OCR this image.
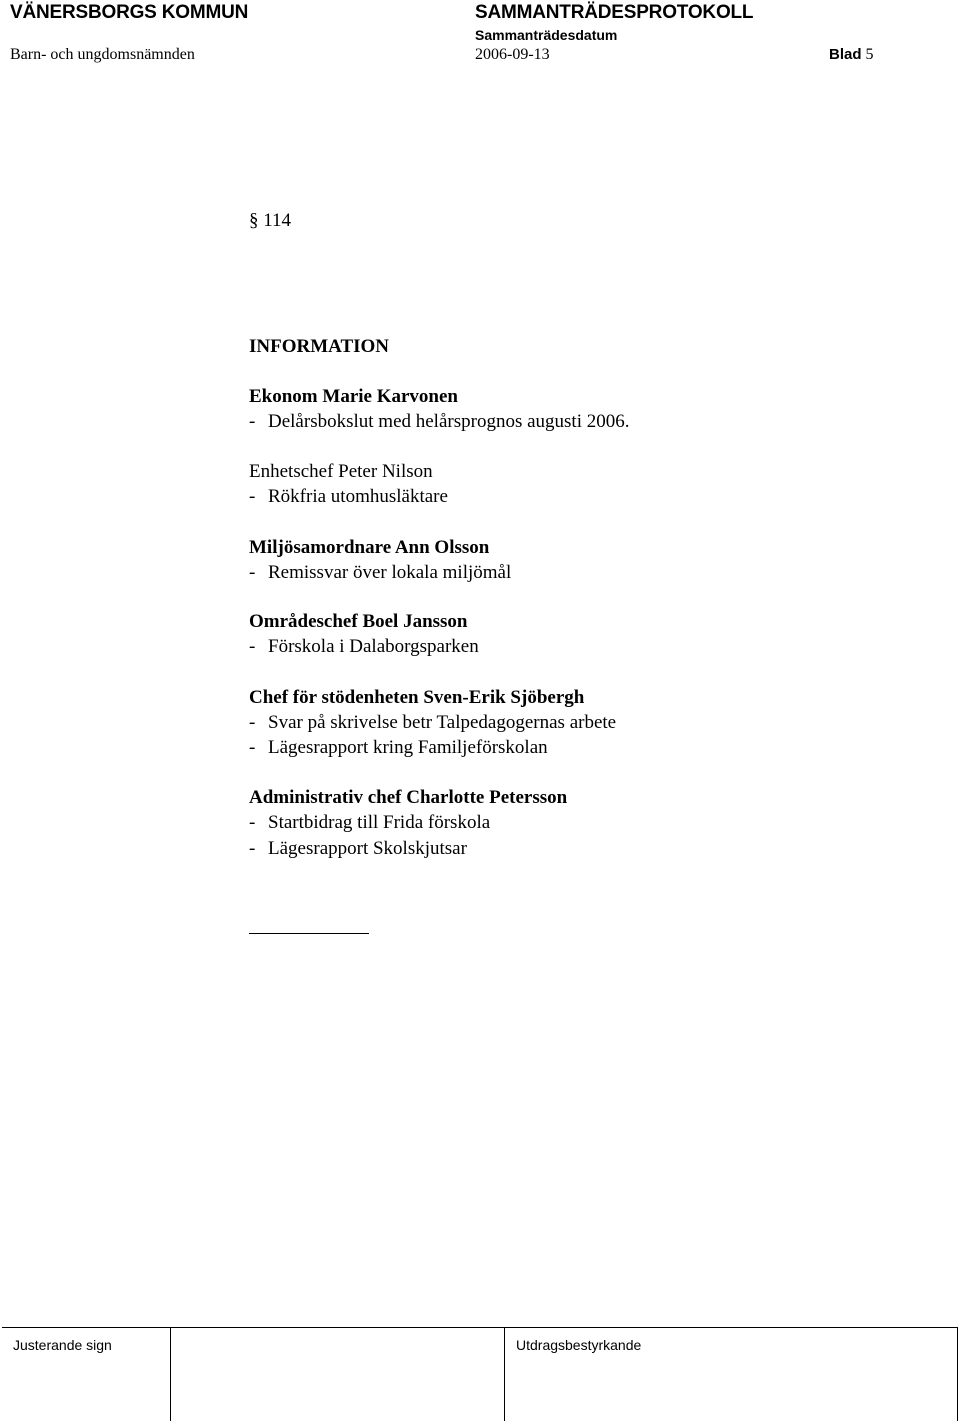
VÄNERSBORGS KOMMUN	SAMMANTRÄDESPROTOKOLL
Sammanträdesdatum
Barn- och ungdomsnämnden	2006-09-13	Blad 5
§ 114
INFORMATION
Ekonom Marie Karvonen
- Delårsbokslut med helårsprognos augusti 2006.
Enhetschef Peter Nilson
- Rökfria utomhusläktare
Miljösamordnare Ann Olsson
- Remissvar över lokala miljömål
Områdeschef Boel Jansson
- Förskola i Dalaborgsparken
Chef för stödenheten Sven-Erik Sjöbergh
- Svar på skrivelse betr Talpedagogernas arbete
- Lägesrapport kring Familjeförskolan
Administrativ chef Charlotte Petersson
- Startbidrag till Frida förskola
- Lägesrapport Skolskjutsar
Justerande sign	Utdragsbestyrkande
